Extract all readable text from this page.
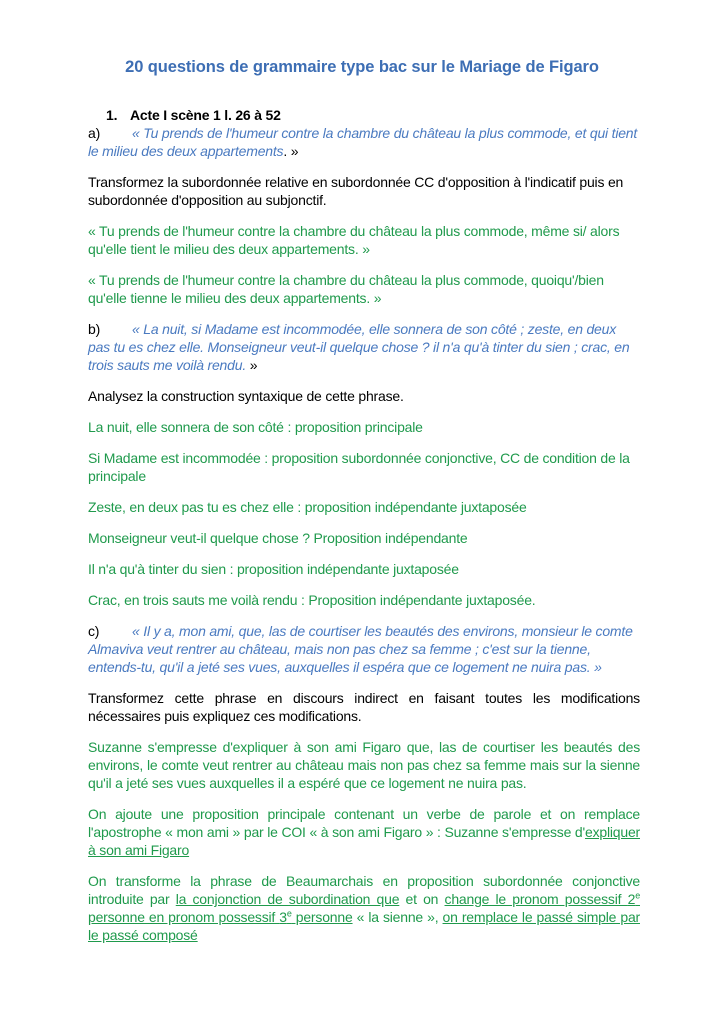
20 questions de grammaire type bac sur le Mariage de Figaro
1. Acte I scène 1 l. 26 à 52
a) « Tu prends de l'humeur contre la chambre du château la plus commode, et qui tient le milieu des deux appartements. »
Transformez la subordonnée relative en subordonnée CC d'opposition à l'indicatif puis en subordonnée d'opposition au subjonctif.
« Tu prends de l'humeur contre la chambre du château la plus commode, même si/ alors qu'elle tient le milieu des deux appartements. »
« Tu prends de l'humeur contre la chambre du château la plus commode, quoiqu'/bien qu'elle tienne le milieu des deux appartements. »
b) « La nuit, si Madame est incommodée, elle sonnera de son côté ; zeste, en deux pas tu es chez elle. Monseigneur veut-il quelque chose ? il n'a qu'à tinter du sien ; crac, en trois sauts me voilà rendu. »
Analysez la construction syntaxique de cette phrase.
La nuit, elle sonnera de son côté : proposition principale
Si Madame est incommodée : proposition subordonnée conjonctive, CC de condition de la principale
Zeste, en deux pas tu es chez elle : proposition indépendante juxtaposée
Monseigneur veut-il quelque chose ? Proposition indépendante
Il n'a qu'à tinter du sien : proposition indépendante juxtaposée
Crac, en trois sauts me voilà rendu : Proposition indépendante juxtaposée.
c) « Il y a, mon ami, que, las de courtiser les beautés des environs, monsieur le comte Almaviva veut rentrer au château, mais non pas chez sa femme ; c'est sur la tienne, entends-tu, qu'il a jeté ses vues, auxquelles il espéra que ce logement ne nuira pas. »
Transformez cette phrase en discours indirect en faisant toutes les modifications nécessaires puis expliquez ces modifications.
Suzanne s'empresse d'expliquer à son ami Figaro que, las de courtiser les beautés des environs, le comte veut rentrer au château mais non pas chez sa femme mais sur la sienne qu'il a jeté ses vues auxquelles il a espéré que ce logement ne nuira pas.
On ajoute une proposition principale contenant un verbe de parole et on remplace l'apostrophe « mon ami » par le COI « à son ami Figaro » : Suzanne s'empresse d'expliquer à son ami Figaro
On transforme la phrase de Beaumarchais en proposition subordonnée conjonctive introduite par la conjonction de subordination que et on change le pronom possessif 2e personne en pronom possessif 3e personne « la sienne », on remplace le passé simple par le passé composé
